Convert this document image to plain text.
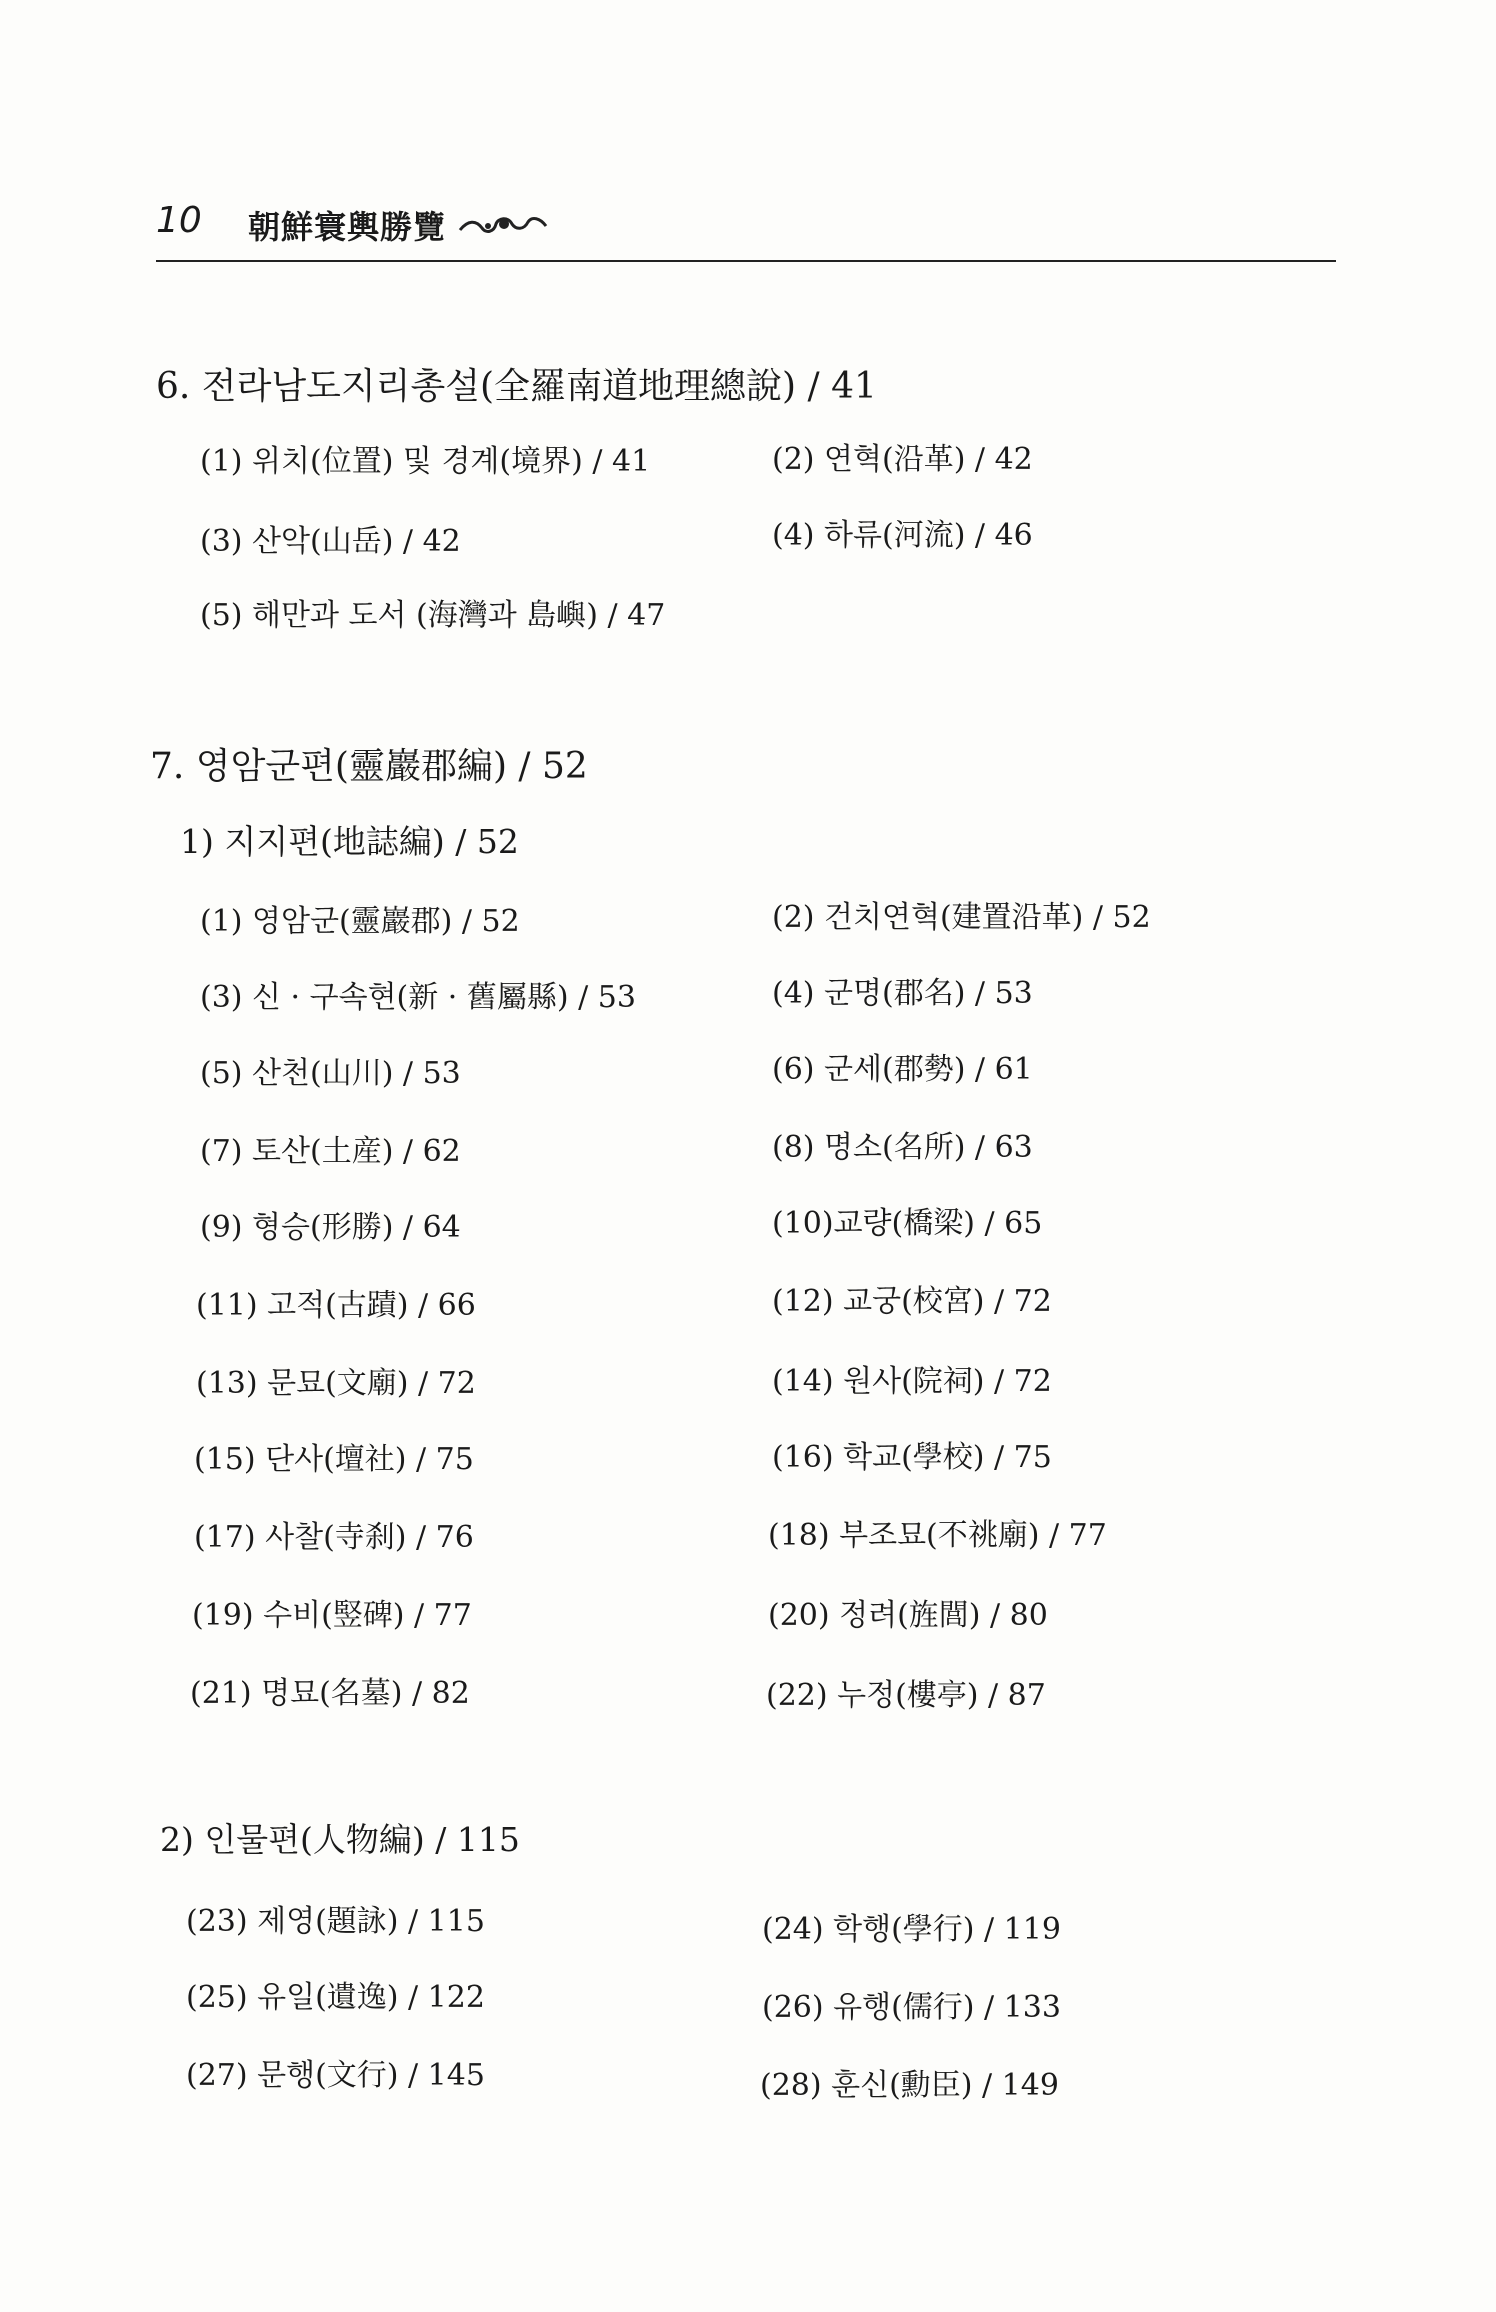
10 朝鮮寰輿勝覽
6. 전라남도지리총설(全羅南道地理總說) / 41
(1) 위치(位置) 및 경계(境界) / 41	(2) 연혁(沿革) / 42
(3) 산악(山岳) / 42	(4) 하류(河流) / 46
(5) 해만과 도서 (海灣과 島嶼) / 47
7. 영암군편(靈巖郡編) / 52
1) 지지편(地誌編) / 52
(1) 영암군(靈巖郡) / 52	(2) 건치연혁(建置沿革) / 52
(3) 신 · 구속현(新 · 舊屬縣) / 53	(4) 군명(郡名) / 53
(5) 산천(山川) / 53	(6) 군세(郡勢) / 61
(7) 토산(土産) / 62	(8) 명소(名所) / 63
(9) 형승(形勝) / 64	(10)교량(橋梁) / 65
(11) 고적(古蹟) / 66	(12) 교궁(校宮) / 72
(13) 문묘(文廟) / 72	(14) 원사(院祠) / 72
(15) 단사(壇社) / 75	(16) 학교(學校) / 75
(17) 사찰(寺刹) / 76	(18) 부조묘(不祧廟) / 77
(19) 수비(竪碑) / 77	(20) 정려(旌閭) / 80
(21) 명묘(名墓) / 82	(22) 누정(樓亭) / 87
2) 인물편(人物編) / 115
(23) 제영(題詠) / 115	(24) 학행(學行) / 119
(25) 유일(遺逸) / 122	(26) 유행(儒行) / 133
(27) 문행(文行) / 145	(28) 훈신(勳臣) / 149
